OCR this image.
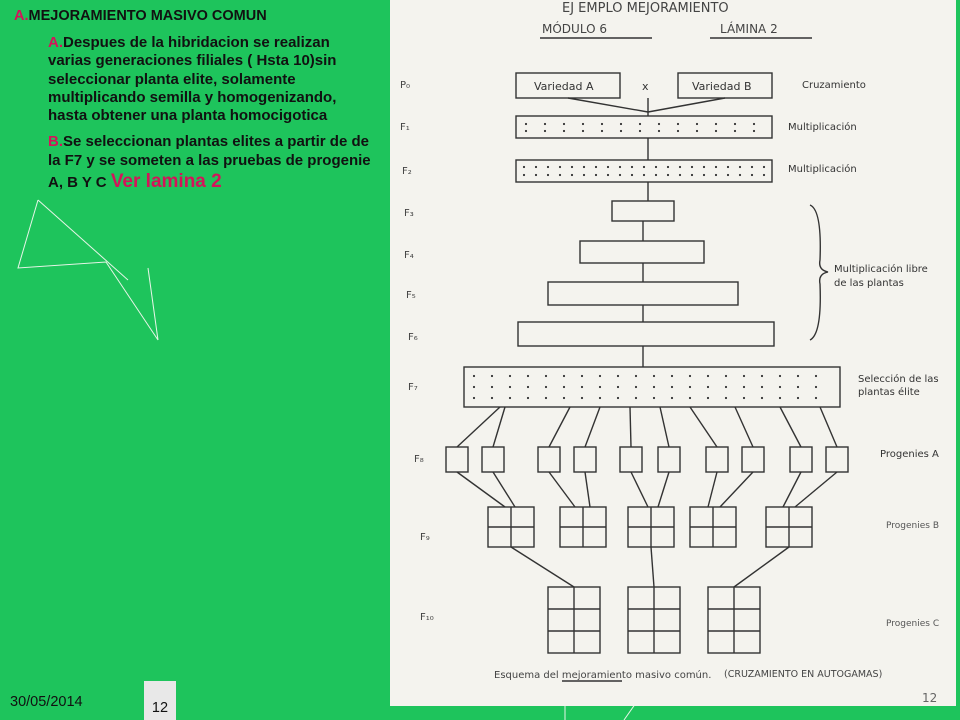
A.MEJORAMIENTO MASIVO COMUN
A.Despues de la hibridacion se realizan varias generaciones filiales ( Hsta 10)sin seleccionar planta elite, solamente multiplicando semilla y homogenizando, hasta obtener una planta homocigotica
B.Se seleccionan plantas elites a partir de de la F7 y se someten a las pruebas de progenie A, B Y C Ver lamina 2
EJ EMPLO MEJORAMIENTO
MÓDULO 6	LÁMINA 2
P₀	Variedad A	x	Variedad B	Cruzamiento
F₁	Multiplicación
F₂	Multiplicación
F₃
F₄
F₅
F₆
Multiplicación libre
de las plantas
F₇
Selección de las
plantas élite
F₈	Progenies A
F₉
Progenies B
F₁₀
Progenies C
Esquema del mejoramiento masivo común. (CRUZAMIENTO EN AUTOGAMAS)
12
30/05/2014	12
